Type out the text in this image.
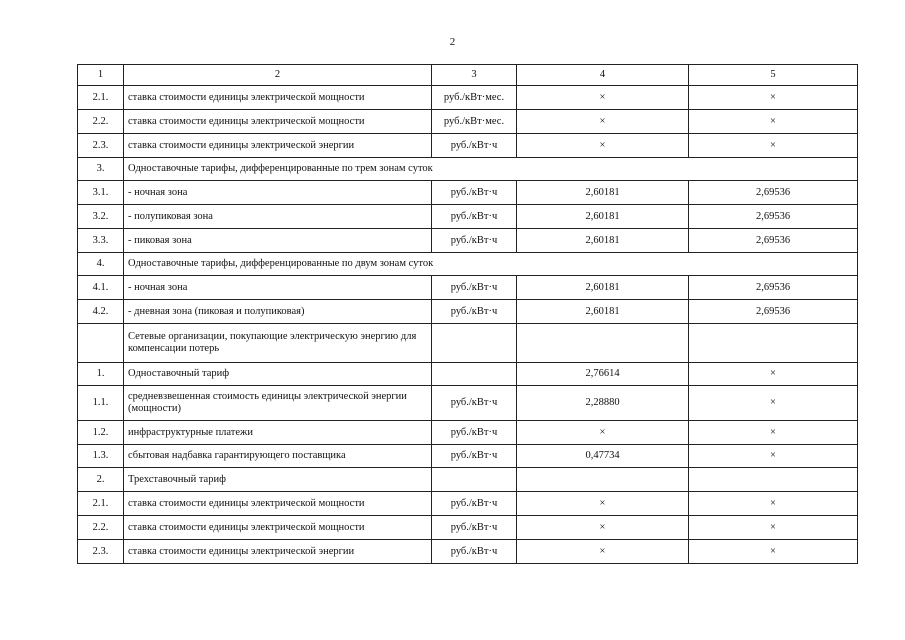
2
1	2	3	4	5
2.1.	ставка стоимости единицы электрической мощности	руб./кВт·мес.	×	×
2.2.	ставка стоимости единицы электрической мощности	руб./кВт·мес.	×	×
2.3.	ставка стоимости единицы электрической энергии	руб./кВт·ч	×	×
3.	Одноставочные тарифы, дифференцированные по трем зонам суток			
3.1.	- ночная зона	руб./кВт·ч	2,60181	2,69536
3.2.	- полупиковая зона	руб./кВт·ч	2,60181	2,69536
3.3.	- пиковая зона	руб./кВт·ч	2,60181	2,69536
4.	Одноставочные тарифы, дифференцированные по двум зонам суток			
4.1.	- ночная зона	руб./кВт·ч	2,60181	2,69536
4.2.	- дневная зона (пиковая и полупиковая)	руб./кВт·ч	2,60181	2,69536
	Сетевые организации, покупающие электрическую энергию для компенсации потерь			
1.	Одноставочный тариф		2,76614	×
1.1.	средневзвешенная стоимость единицы электрической энергии (мощности)	руб./кВт·ч	2,28880	×
1.2.	инфраструктурные платежи	руб./кВт·ч	×	×
1.3.	сбытовая надбавка гарантирующего поставщика	руб./кВт·ч	0,47734	×
2.	Трехставочный тариф			
2.1.	ставка стоимости единицы электрической мощности	руб./кВт·ч	×	×
2.2.	ставка стоимости единицы электрической мощности	руб./кВт·ч	×	×
2.3.	ставка стоимости единицы электрической энергии	руб./кВт·ч	×	×
